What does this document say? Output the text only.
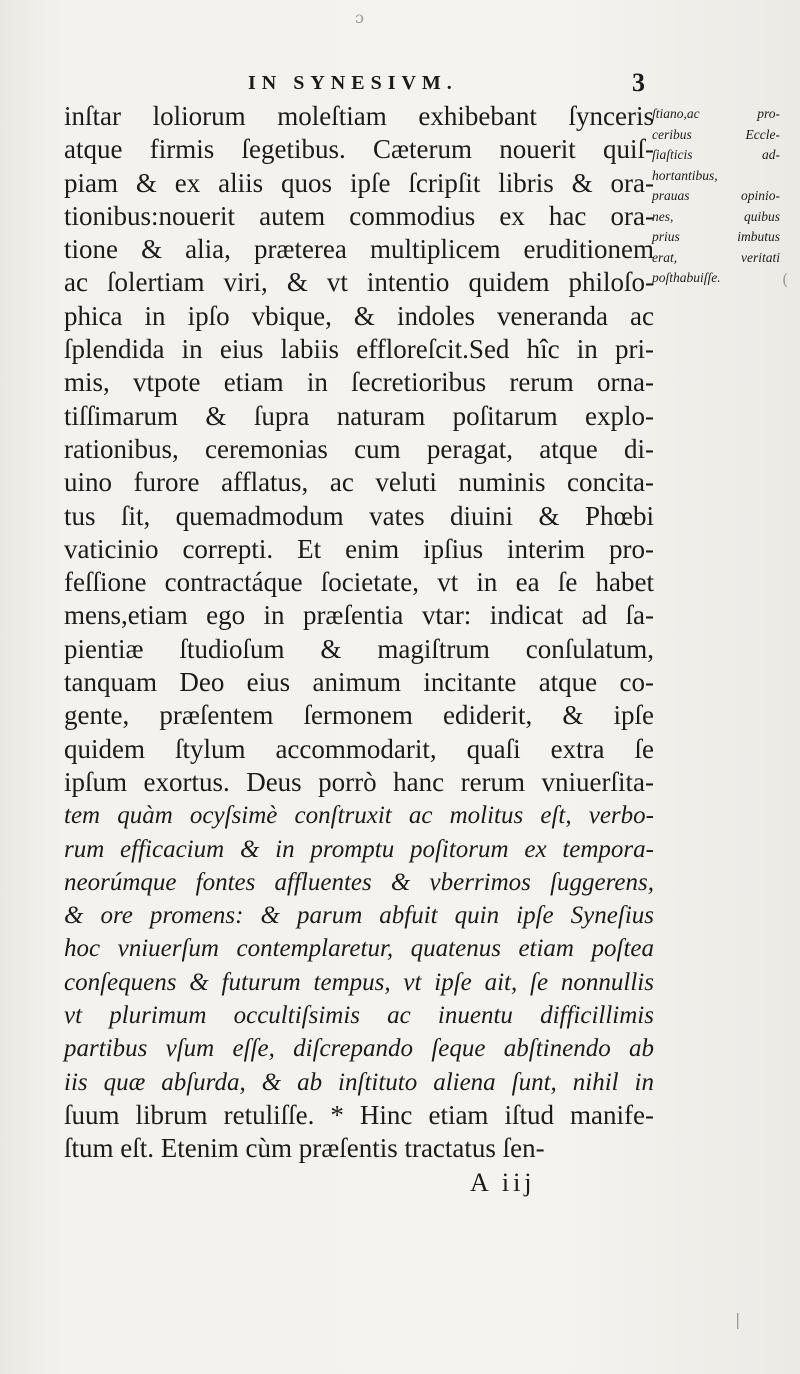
IN SYNESIVM.	3
inſtar loliorum moleſtiam exhibebant ſynceris
atque firmis ſegetibus. Cæterum nouerit quiſ-
piam & ex aliis quos ipſe ſcripſit libris & ora-
tionibus:nouerit autem commodius ex hac ora-
tione & alia, præterea multiplicem eruditionem
ac ſolertiam viri, & vt intentio quidem philoſo-
phica in ipſo vbique, & indoles veneranda ac
ſplendida in eius labiis effloreſcit.Sed hîc in pri-
mis, vtpote etiam in ſecretioribus rerum orna-
tiſſimarum & ſupra naturam poſitarum explo-
rationibus, ceremonias cum peragat, atque di-
uino furore afflatus, ac veluti numinis concita-
tus ſit, quemadmodum vates diuini & Phœbi
vaticinio correpti. Et enim ipſius interim pro-
feſſione contractáque ſocietate, vt in ea ſe habet
mens,etiam ego in præſentia vtar: indicat ad ſa-
pientiæ ſtudioſum & magiſtrum conſulatum,
tanquam Deo eius animum incitante atque co-
gente, præſentem ſermonem ediderit, & ipſe
quidem ſtylum accommodarit, quaſi extra ſe
ipſum exortus. Deus porrò hanc rerum vniuerſita-
tem quàm ocyſsimè conſtruxit ac molitus eſt, verbo-
rum efficacium & in promptu poſitorum ex tempora-
neorúmque fontes affluentes & vberrimos ſuggerens,
& ore promens: & parum abfuit quin ipſe Syneſius
hoc vniuerſum contemplaretur, quatenus etiam poſtea
conſequens & futurum tempus, vt ipſe ait, ſe nonnullis
vt plurimum occultiſsimis ac inuentu difficillimis
partibus vſum eſſe, diſcrepando ſeque abſtinendo ab
iis quæ abſurda, & ab inſtituto aliena ſunt, nihil in
ſuum librum retuliſſe. * Hinc etiam iſtud manife-
ſtum eſt. Etenim cùm præſentis tractatus ſen-
ſtiano,ac pro-
ceribus Eccle-
ſiaſticis ad-
hortantibus,
prauas opinio-
nes, quibus
prius imbutus
erat, veritati
poſthabuiſſe.
A iij
ɔ
(
|
